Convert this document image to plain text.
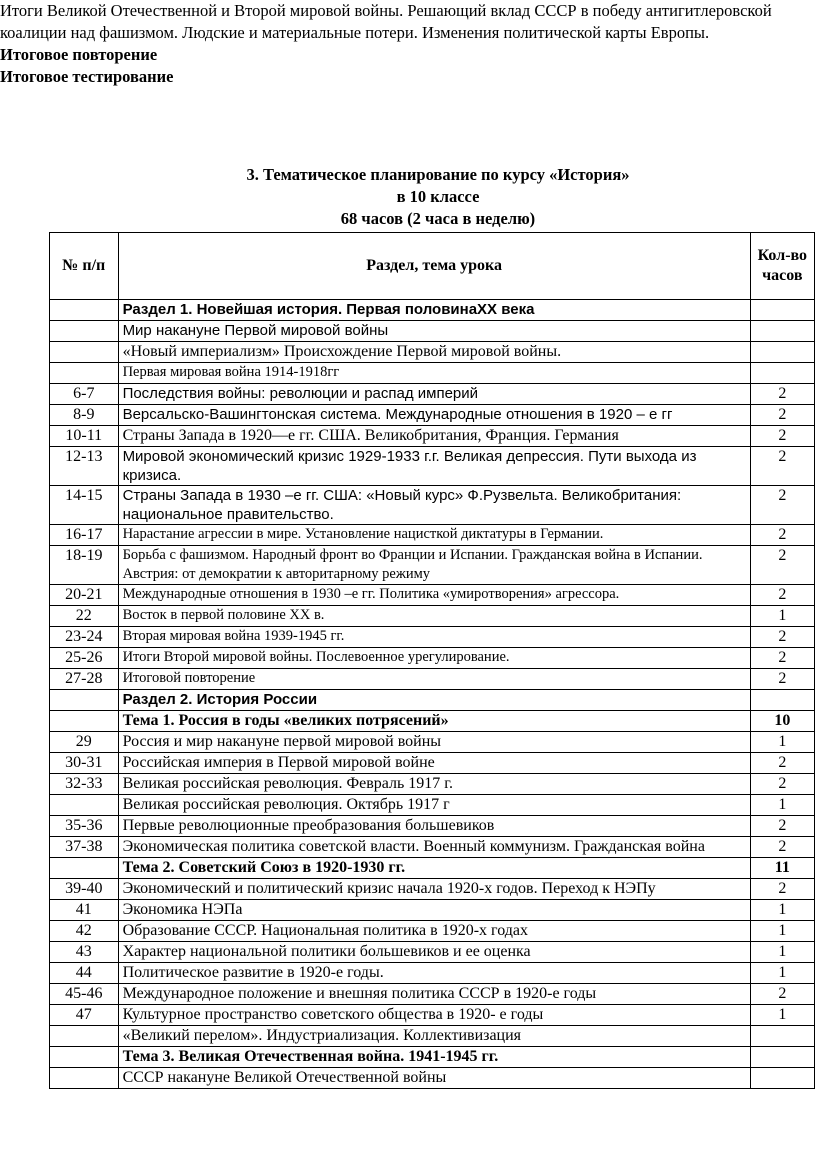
Итоги Великой Отечественной и Второй мировой войны. Решающий вклад СССР в победу антигитлеровской коалиции над фашизмом. Людские и материальные потери. Изменения политической карты Европы.

Итоговое повторение

Итоговое тестирование

3. Тематическое планирование по курсу «История»
в 10 классе
68 часов (2 часа в неделю)
№ п/п	Раздел, тема урока	Кол-во часов
	Раздел 1. Новейшая история. Первая половинаXX века	
	Мир накануне Первой мировой войны	
	«Новый империализм» Происхождение Первой мировой войны.	
	Первая мировая война 1914-1918гг	
6-7	Последствия войны: революции и распад империй	2
8-9	Версальско-Вашингтонская система. Международные отношения в 1920 – е гг	2
10-11	Страны Запада в 1920—е гг. США. Великобритания, Франция. Германия	2
12-13	Мировой экономический кризис 1929-1933 г.г. Великая депрессия. Пути выхода из кризиса.	2
14-15	Страны Запада в 1930 –е гг. США: «Новый курс» Ф.Рузвельта. Великобритания: национальное правительство.	2
16-17	Нарастание агрессии в мире. Установление нацисткой диктатуры в Германии.	2
18-19	Борьба с фашизмом. Народный фронт во Франции и Испании. Гражданская война в Испании. Австрия: от демократии к авторитарному режиму	2
20-21	Международные отношения в 1930 –е гг. Политика «умиротворения» агрессора.	2
22	Восток в первой половине XX в.	1
23-24	Вторая мировая война 1939-1945 гг.	2
25-26	Итоги Второй мировой войны. Послевоенное урегулирование.	2
27-28	Итоговой повторение	2
	Раздел 2. История России	
	Тема 1. Россия в годы «великих потрясений»	10
29	Россия и мир накануне первой мировой войны	1
30-31	Российская империя в Первой мировой войне	2
32-33	Великая российская революция. Февраль 1917 г.	2
	Великая российская революция. Октябрь 1917 г	1
35-36	Первые революционные преобразования большевиков	2
37-38	Экономическая политика советской власти. Военный коммунизм. Гражданская война	2
	Тема 2. Советский Союз в 1920-1930 гг.	11
39-40	Экономический и политический кризис начала 1920-х годов. Переход к НЭПу	2
41	Экономика НЭПа	1
42	Образование СССР. Национальная политика в 1920-х годах	1
43	Характер национальной политики большевиков и ее оценка	1
44	Политическое развитие в 1920-е годы.	1
45-46	Международное положение и внешняя политика СССР в 1920-е годы	2
47	Культурное пространство советского общества в 1920- е годы	1
	«Великий перелом». Индустриализация. Коллективизация	
	Тема 3. Великая Отечественная война. 1941-1945 гг.	
	СССР накануне Великой Отечественной войны	
